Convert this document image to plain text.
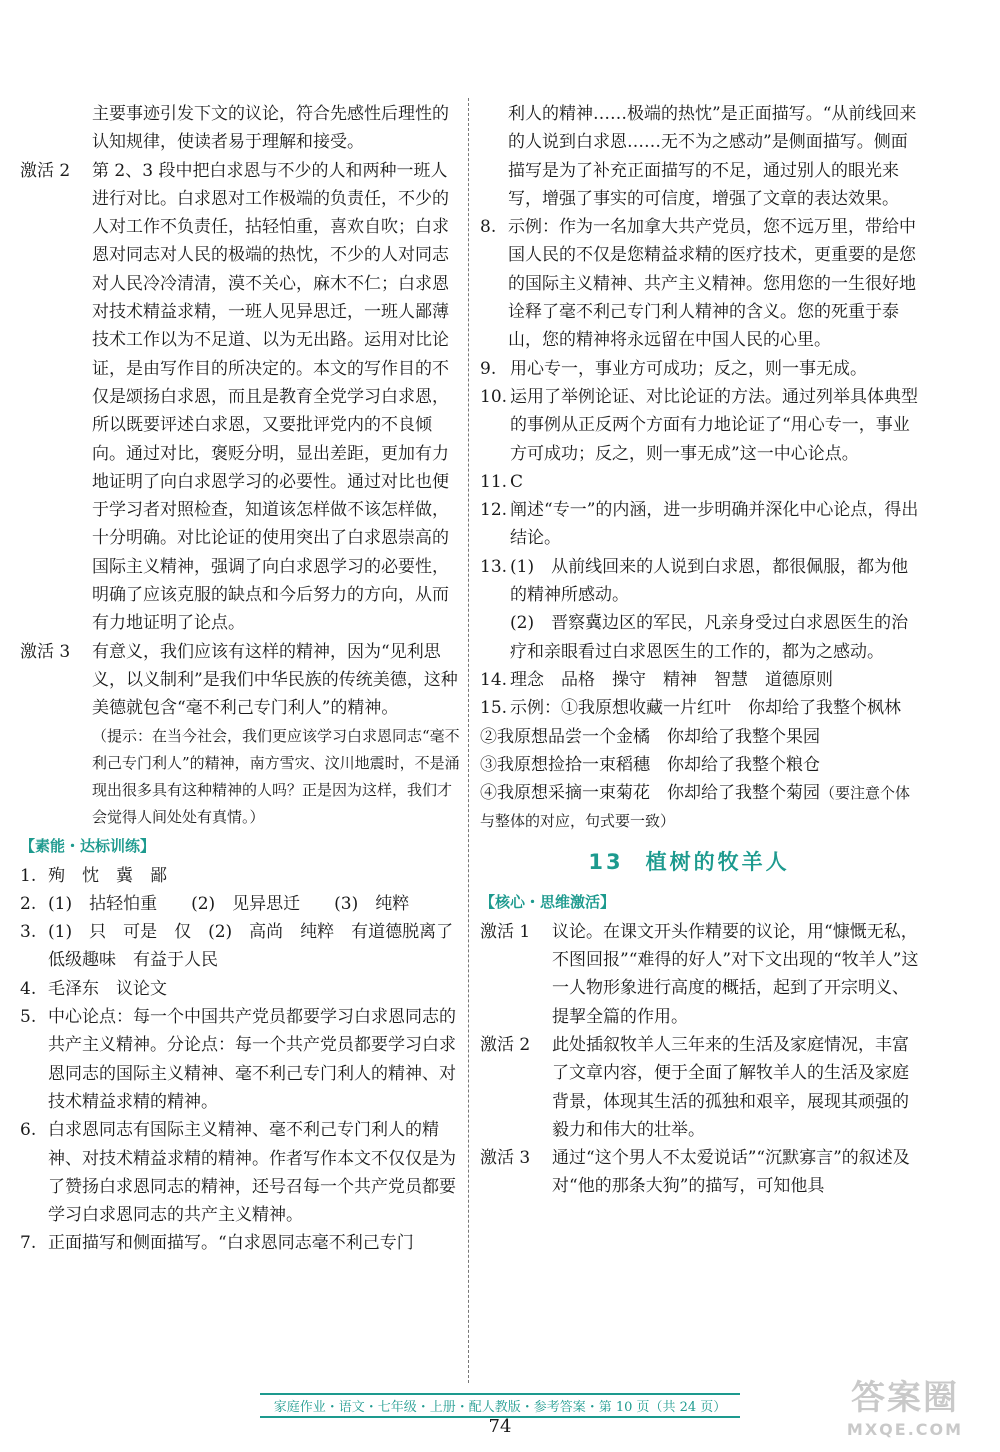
主要事迹引发下文的议论，符合先感性后理性的认知规律，使读者易于理解和接受。

激活 2 第 2、3 段中把白求恩与不少的人和两种一班人进行对比。白求恩对工作极端的负责任，不少的人对工作不负责任，拈轻怕重，喜欢自吹；白求恩对同志对人民的极端的热忱，不少的人对同志对人民冷冷清清，漠不关心，麻木不仁；白求恩对技术精益求精，一班人见异思迁，一班人鄙薄技术工作以为不足道、以为无出路。运用对比论证，是由写作目的所决定的。本文的写作目的不仅是颂扬白求恩，而且是教育全党学习白求恩，所以既要评述白求恩，又要批评党内的不良倾向。通过对比，褒贬分明，显出差距，更加有力地证明了向白求恩学习的必要性。通过对比也便于学习者对照检查，知道该怎样做不该怎样做，十分明确。对比论证的使用突出了白求恩崇高的国际主义精神，强调了向白求恩学习的必要性，明确了应该克服的缺点和今后努力的方向，从而有力地证明了论点。

激活 3 有意义，我们应该有这样的精神，因为“见利思义，以义制利”是我们中华民族的传统美德，这种美德就包含“毫不利己专门利人”的精神。

（提示：在当今社会，我们更应该学习白求恩同志“毫不利己专门利人”的精神，南方雪灾、汶川地震时，不是涌现出很多具有这种精神的人吗？正是因为这样，我们才会觉得人间处处有真情。）

【素能・达标训练】

1. 殉　忱　冀　鄙

2. (1)　拈轻怕重　　(2)　见异思迁　　(3)　纯粹

3. (1)　只　可是　仅　(2)　高尚　纯粹　有道德脱离了低级趣味　有益于人民

4. 毛泽东　议论文

5. 中心论点：每一个中国共产党员都要学习白求恩同志的共产主义精神。分论点：每一个共产党员都要学习白求恩同志的国际主义精神、毫不利己专门利人的精神、对技术精益求精的精神。

6. 白求恩同志有国际主义精神、毫不利己专门利人的精神、对技术精益求精的精神。作者写作本文不仅仅是为了赞扬白求恩同志的精神，还号召每一个共产党员都要学习白求恩同志的共产主义精神。

7. 正面描写和侧面描写。“白求恩同志毫不利己专门

利人的精神……极端的热忱”是正面描写。“从前线回来的人说到白求恩……无不为之感动”是侧面描写。侧面描写是为了补充正面描写的不足，通过别人的眼光来写，增强了事实的可信度，增强了文章的表达效果。

8. 示例：作为一名加拿大共产党员，您不远万里，带给中国人民的不仅是您精益求精的医疗技术，更重要的是您的国际主义精神、共产主义精神。您用您的一生很好地诠释了毫不利己专门利人精神的含义。您的死重于泰山，您的精神将永远留在中国人民的心里。

9. 用心专一，事业方可成功；反之，则一事无成。

10. 运用了举例论证、对比论证的方法。通过列举具体典型的事例从正反两个方面有力地论证了“用心专一，事业方可成功；反之，则一事无成”这一中心论点。

11. C

12. 阐述“专一”的内涵，进一步明确并深化中心论点，得出结论。

13. (1)　从前线回来的人说到白求恩，都很佩服，都为他的精神所感动。

(2)　晋察冀边区的军民，凡亲身受过白求恩医生的治疗和亲眼看过白求恩医生的工作的，都为之感动。

14. 理念　品格　操守　精神　智慧　道德原则

15. 示例：①我原想收藏一片红叶　你却给了我整个枫林

②我原想品尝一个金橘　你却给了我整个果园

③我原想捡拾一束稻穗　你却给了我整个粮仓

④我原想采摘一束菊花　你却给了我整个菊园（要注意个体与整体的对应，句式要一致）

13 植树的牧羊人
【核心・思维激活】

激活 1 议论。在课文开头作精要的议论，用“慷慨无私，不图回报”“难得的好人”对下文出现的“牧羊人”这一人物形象进行高度的概括，起到了开宗明义、提挈全篇的作用。

激活 2 此处插叙牧羊人三年来的生活及家庭情况，丰富了文章内容，便于全面了解牧羊人的生活及家庭背景，体现其生活的孤独和艰辛，展现其顽强的毅力和伟大的壮举。

激活 3 通过“这个男人不太爱说话”“沉默寡言”的叙述及对“他的那条大狗”的描写，可知他具

家庭作业・语文・七年级・上册・配人教版・参考答案・第 10 页（共 24 页）
74
答案圈
MXQE.COM
